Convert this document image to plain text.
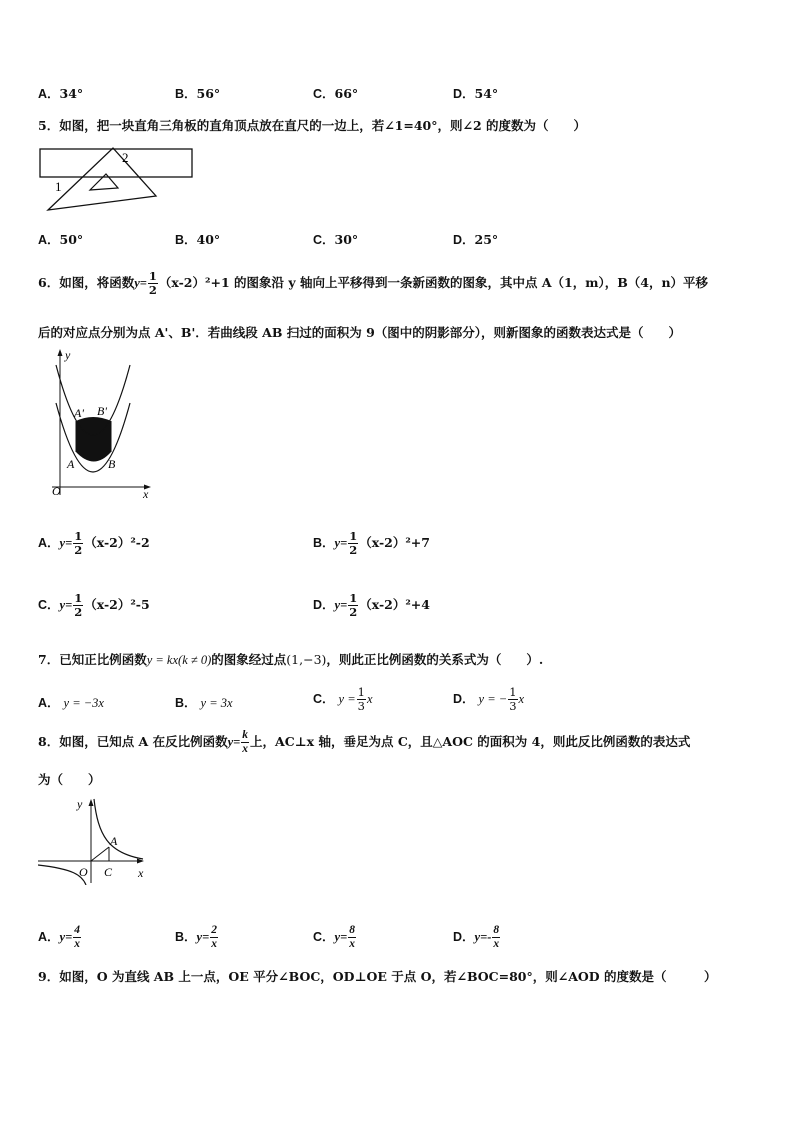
A．34°	B．56°	C．66°	D．54°
5．如图，把一块直角三角板的直角顶点放在直尺的一边上，若∠1=40°，则∠2 的度数为（　　）
2
1
A．50°	B．40°	C．30°	D．25°
6．如图，将函数$y= \frac{1}{2} (x-2)^2+1$ 的图象沿 y 轴向上平移得到一条新函数的图象，其中点 A（1，m），B（4，n）平移
后的对应点分别为点 A'、B'．若曲线段 AB 扫过的面积为 9（图中的阴影部分），则新图象的函数表达式是（　　）
y
x
O
A	B
A' B'
A．$y= \frac{1}{2} (x-2)^2-2$	B．$y= \frac{1}{2} (x-2)^2+7$
C．$y= \frac{1}{2} (x-2)^2-5$	D．$y= \frac{1}{2} (x-2)^2+4$
7．已知正比例函数y = kx(k ≠ 0)的图象经过点(1,−3)，则此正比例函数的关系式为（　　）.
A． y = −3x	B． y = 3x	C． $y = \frac{1}{3}$ x	D． y = − $\frac{1}{3}$ x
8．如图，已知点 A 在反比例函数$y= \frac{k}{x}$ 上，AC⊥x 轴，垂足为点 C，且△AOC 的面积为 4，则此反比例函数的表达式
为（　　）
y
x
O C
A
A．$y= \frac{4}{x}$	B．$y= \frac{2}{x}$	C．$y= \frac{8}{x}$	D．$y=- \frac{8}{x}$
9．如图，O 为直线 AB 上一点，OE 平分∠BOC，OD⊥OE 于点 O，若∠BOC=80°，则∠AOD 的度数是（　　　）
